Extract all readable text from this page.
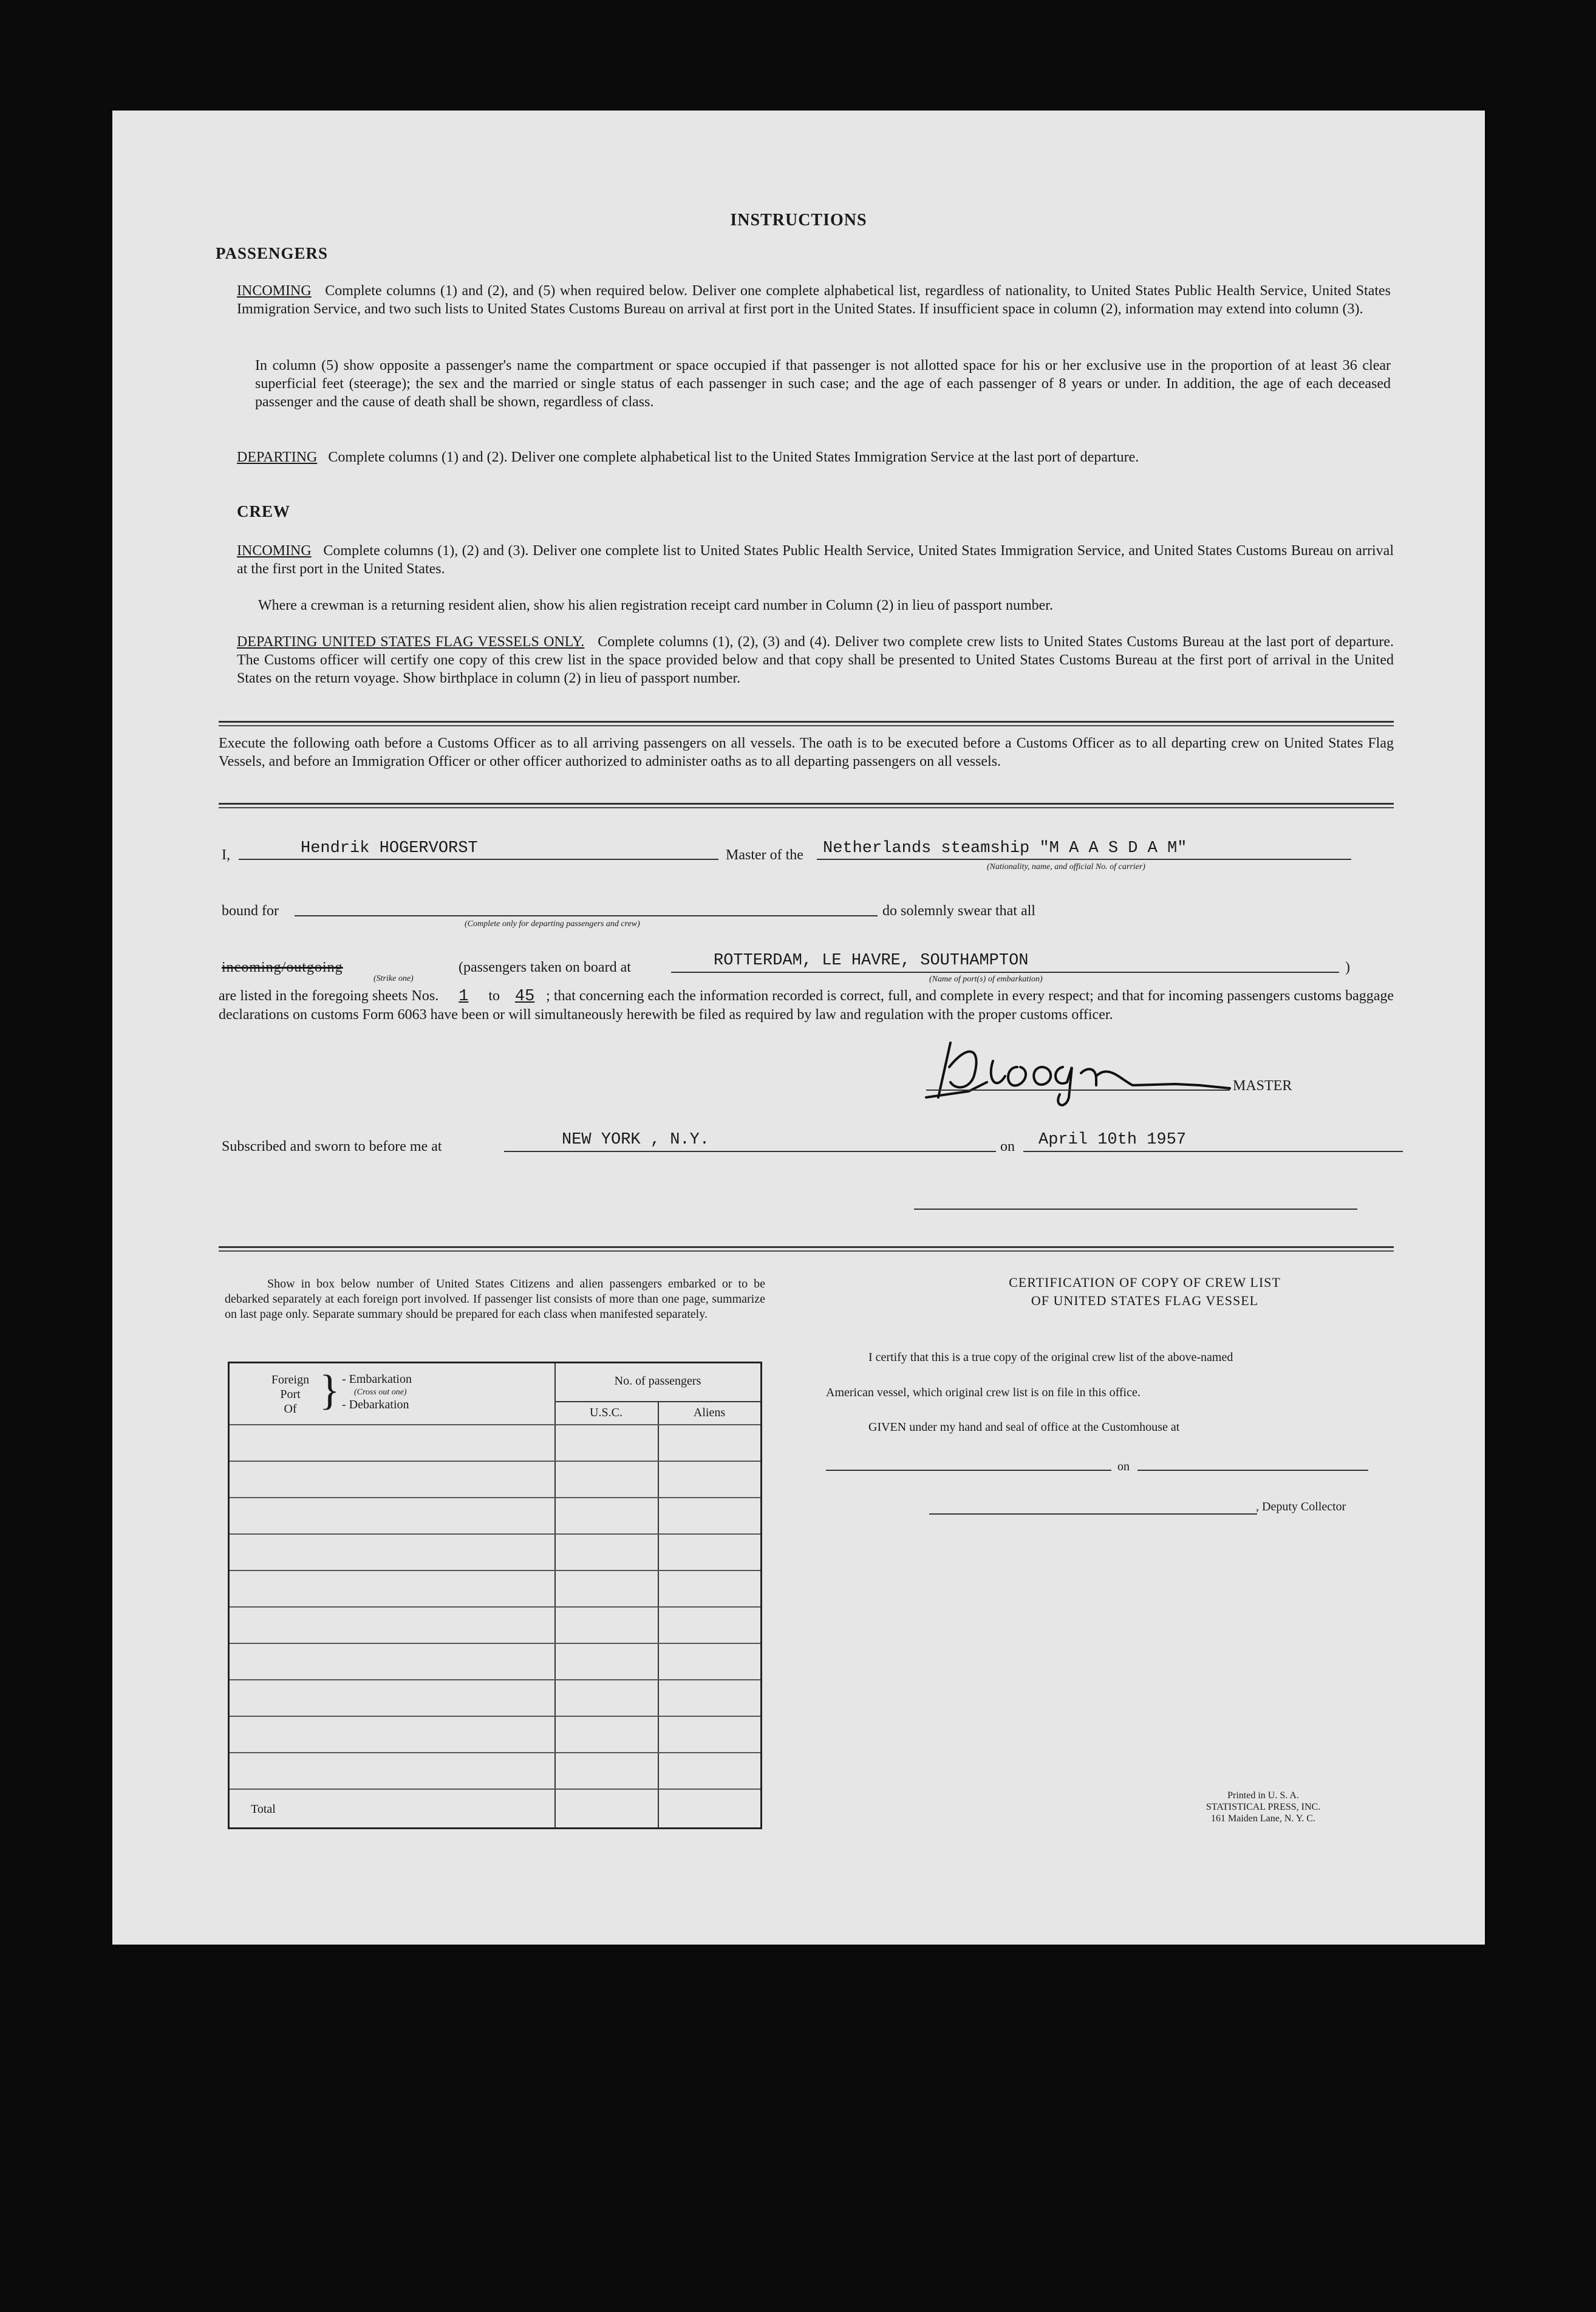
INSTRUCTIONS
PASSENGERS
INCOMING Complete columns (1) and (2), and (5) when required below. Deliver one complete alphabetical list, regardless of nationality, to United States Public Health Service, United States Immigration Service, and two such lists to United States Customs Bureau on arrival at first port in the United States. If insufficient space in column (2), information may extend into column (3).
In column (5) show opposite a passenger's name the compartment or space occupied if that passenger is not allotted space for his or her exclusive use in the proportion of at least 36 clear superficial feet (steerage); the sex and the married or single status of each passenger in such case; and the age of each passenger of 8 years or under. In addition, the age of each deceased passenger and the cause of death shall be shown, regardless of class.
DEPARTING Complete columns (1) and (2). Deliver one complete alphabetical list to the United States Immigration Service at the last port of departure.
CREW
INCOMING Complete columns (1), (2) and (3). Deliver one complete list to United States Public Health Service, United States Immigration Service, and United States Customs Bureau on arrival at the first port in the United States.
Where a crewman is a returning resident alien, show his alien registration receipt card number in Column (2) in lieu of passport number.
DEPARTING UNITED STATES FLAG VESSELS ONLY. Complete columns (1), (2), (3) and (4). Deliver two complete crew lists to United States Customs Bureau at the last port of departure. The Customs officer will certify one copy of this crew list in the space provided below and that copy shall be presented to United States Customs Bureau at the first port of arrival in the United States on the return voyage. Show birthplace in column (2) in lieu of passport number.
Execute the following oath before a Customs Officer as to all arriving passengers on all vessels. The oath is to be executed before a Customs Officer as to all departing crew on United States Flag Vessels, and before an Immigration Officer or other officer authorized to administer oaths as to all departing passengers on all vessels.
I,	Hendrik HOGERVORST	Master of the Netherlands steamship "M A A S D A M"
(Nationality, name, and official No. of carrier)
bound for
(Complete only for departing passengers and crew)
do solemnly swear that all
incoming/outgoing
(Strike one)
(passengers taken on board at	ROTTERDAM, LE HAVRE, SOUTHAMPTON
(Name of port(s) of embarkation)
)
are listed in the foregoing sheets Nos. 1 to 45 ; that concerning each the information recorded is correct, full, and complete in every respect; and that for incoming passengers customs baggage declarations on customs Form 6063 have been or will simultaneously herewith be filed as required by law and regulation with the proper customs officer.
MASTER
Subscribed and sworn to before me at	NEW YORK , N.Y.	on April 10th 1957
Show in box below number of United States Citizens and alien passengers embarked or to be debarked separately at each foreign port involved. If passenger list consists of more than one page, summarize on last page only. Separate summary should be prepared for each class when manifested separately.
Foreign
Port
Of } - Embarkation
(Cross out one)
- Debarkation
No. of passengers
U.S.C.	Aliens
Total
CERTIFICATION OF COPY OF CREW LIST
OF UNITED STATES FLAG VESSEL
I certify that this is a true copy of the original crew list of the above-named
American vessel, which original crew list is on file in this office.
GIVEN under my hand and seal of office at the Customhouse at
on
, Deputy Collector
Printed in U. S. A.
STATISTICAL PRESS, INC.
161 Maiden Lane, N. Y. C.
